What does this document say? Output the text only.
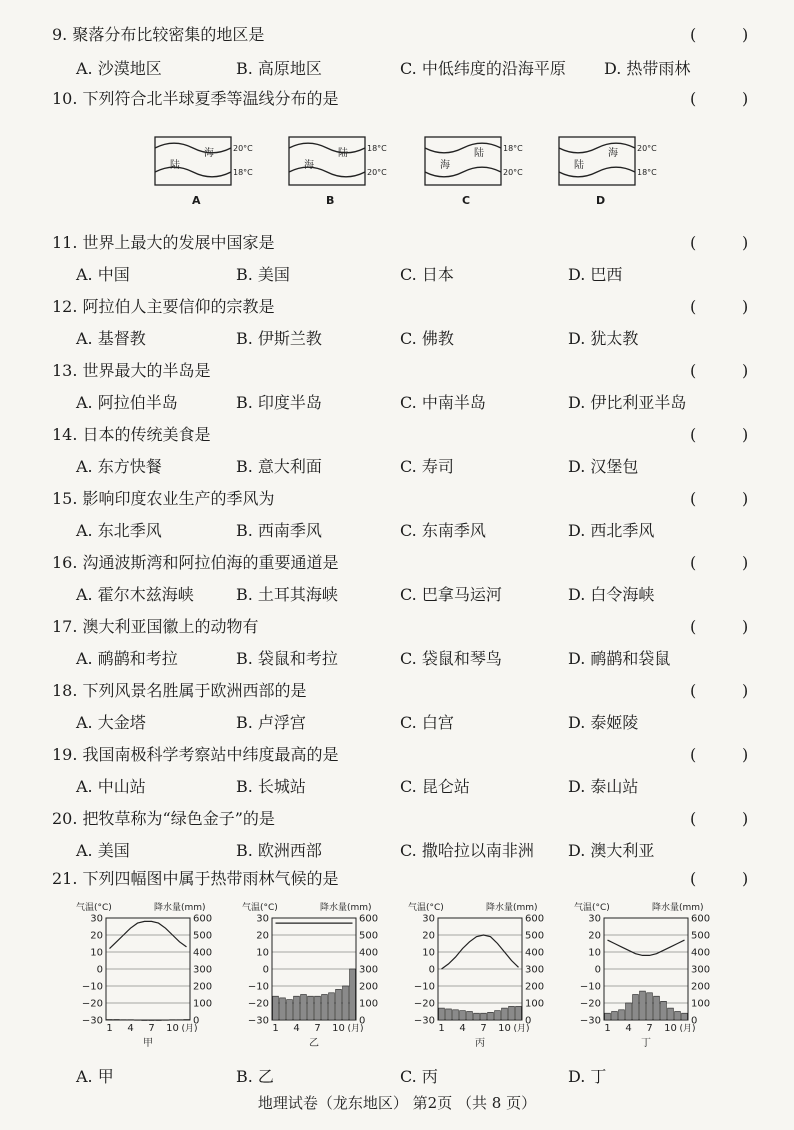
9. 聚落分布比较密集的地区是	(	)
A. 沙漠地区	B. 高原地区	C. 中低纬度的沿海平原 D. 热带雨林
10. 下列符合北半球夏季等温线分布的是	(	)
11. 世界上最大的发展中国家是	(	)
A. 中国	B. 美国	C. 日本	D. 巴西
12. 阿拉伯人主要信仰的宗教是	(	)
A. 基督教	B. 伊斯兰教	C. 佛教	D. 犹太教
13. 世界最大的半岛是	(	)
A. 阿拉伯半岛	B. 印度半岛	C. 中南半岛	D. 伊比利亚半岛
14. 日本的传统美食是	(	)
A. 东方快餐	B. 意大利面	C. 寿司	D. 汉堡包
15. 影响印度农业生产的季风为	(	)
A. 东北季风	B. 西南季风	C. 东南季风	D. 西北季风
16. 沟通波斯湾和阿拉伯海的重要通道是	(	)
A. 霍尔木兹海峡	B. 土耳其海峡	C. 巴拿马运河	D. 白令海峡
17. 澳大利亚国徽上的动物有	(	)
A. 鸸鹋和考拉	B. 袋鼠和考拉	C. 袋鼠和琴鸟	D. 鸸鹋和袋鼠
18. 下列风景名胜属于欧洲西部的是	(	)
A. 大金塔	B. 卢浮宫	C. 白宫	D. 泰姬陵
19. 我国南极科学考察站中纬度最高的是	(	)
A. 中山站	B. 长城站	C. 昆仑站	D. 泰山站
20. 把牧草称为“绿色金子”的是	(	)
A. 美国	B. 欧洲西部	C. 撒哈拉以南非洲 D. 澳大利亚
21. 下列四幅图中属于热带雨林气候的是	(	)
A. 甲	B. 乙	C. 丙	D. 丁
陆
海 20°C
18°C
A
海
陆 18°C
20°C
B
海
陆 18°C
20°C
C
陆
海 20°C
18°C
D
气温(°C)	降水量(mm)
30
20
10
0
−10
−20
−30
600
500
400
300
200
100
0
1 4 7 10 (月)
甲
气温(°C)	降水量(mm)
30
20
10
0
−10
−20
−30
600
500
400
300
200
100
0
1 4 7 10 (月)
乙
气温(°C)	降水量(mm)
30
20
10
0
−10
−20
−30
600
500
400
300
200
100
0
1 4 7 10 (月)
丙
气温(°C)	降水量(mm)
30
20
10
0
−10
−20
−30
600
500
400
300
200
100
0
1 4 7 10 (月)
丁
地理试卷（龙东地区） 第2页 （共 8 页）
